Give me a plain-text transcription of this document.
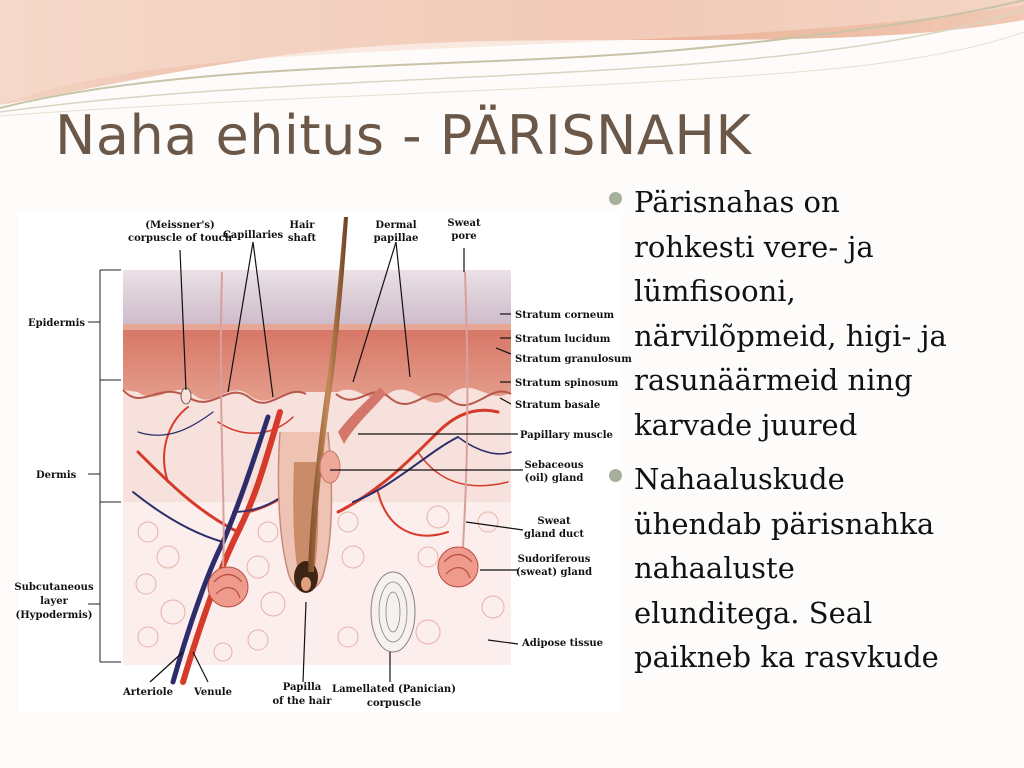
Naha ehitus - PÄRISNAHK
(Meissner's) corpuscle of touch
Capillaries
Hair shaft
Dermal papillae
Sweat pore
Stratum corneum
Stratum lucidum
Stratum granulosum
Stratum spinosum
Stratum basale
Papillary muscle
Sebaceous (oil) gland
Sweat gland duct
Sudoriferous (sweat) gland
Adipose tissue
Epidermis
Dermis
Subcutaneous layer (Hypodermis)
Arteriole Venule	Papilla of the hair
Lamellated (Panician) corpuscle
Pärisnahas on
rohkesti vere- ja
lümfisooni,
närvilõpmeid, higi- ja
rasunäärmeid ning
karvade juured
Nahaaluskude
ühendab pärisnahka
nahaaluste
elunditega. Seal
paikneb ka rasvkude
